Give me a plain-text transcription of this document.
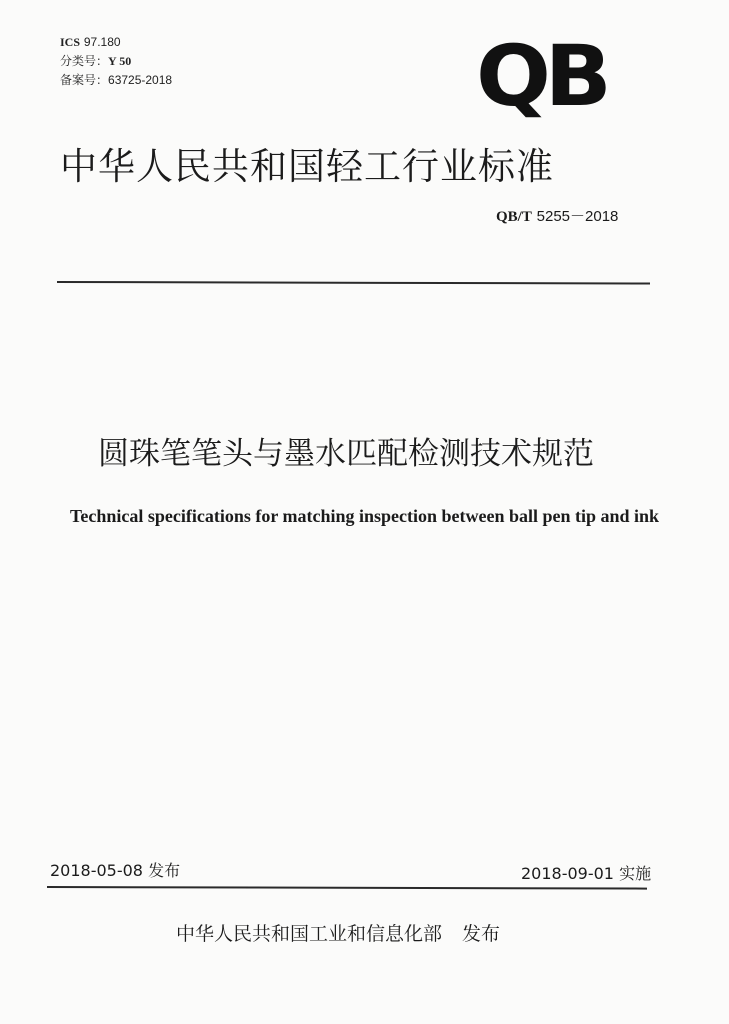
ICS 97.180
分类号：Y 50
备案号：63725-2018	QB
中华人民共和国轻工行业标准
QB/T 5255－2018
圆珠笔笔头与墨水匹配检测技术规范
Technical specifications for matching inspection between ball pen tip and ink
2018-05-08 发布	2018-09-01 实施
中华人民共和国工业和信息化部 发布
